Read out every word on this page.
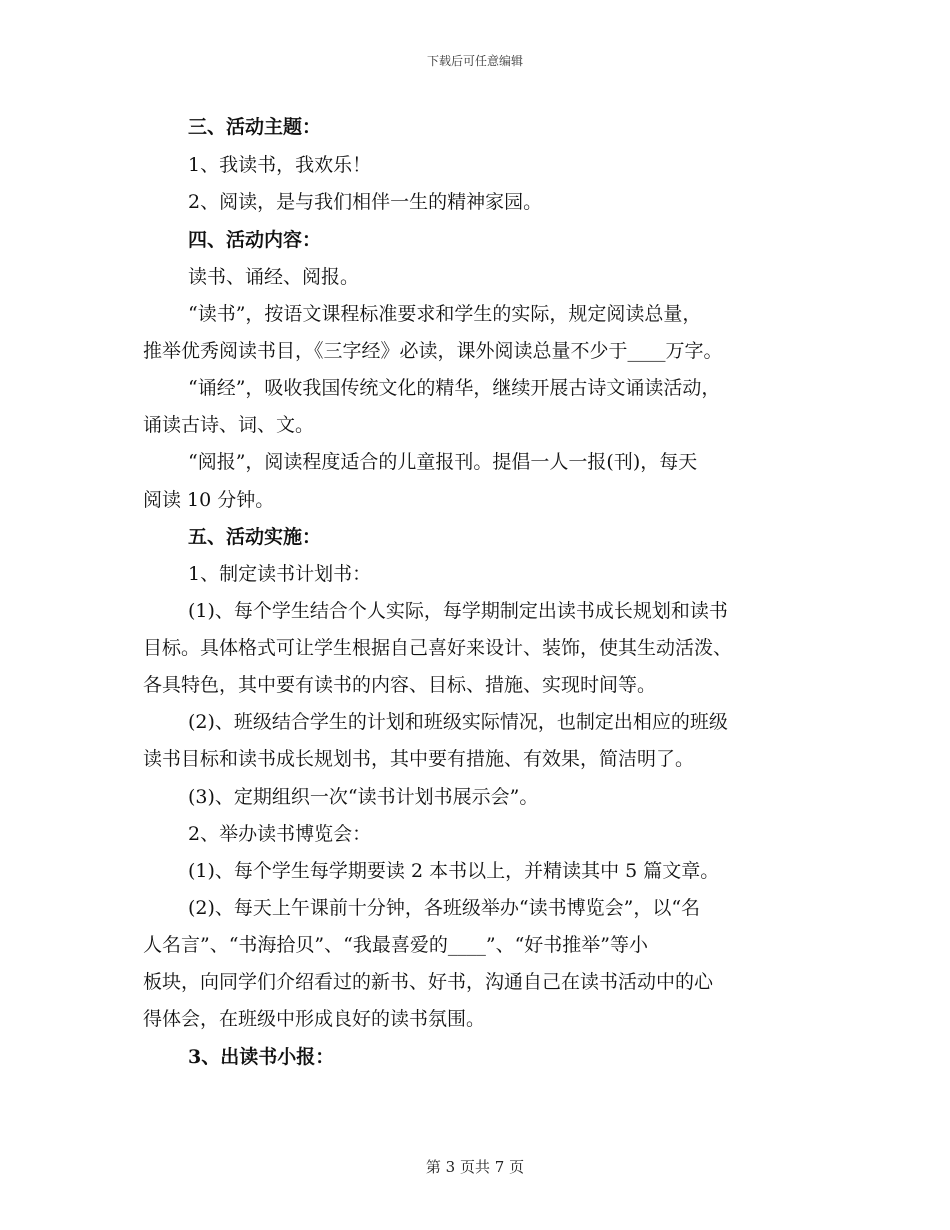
下载后可任意编辑
三、活动主题：
1、我读书，我欢乐！
2、阅读，是与我们相伴一生的精神家园。
四、活动内容：
读书、诵经、阅报。
“读书”，按语文课程标准要求和学生的实际，规定阅读总量，
推举优秀阅读书目，《三字经》必读，课外阅读总量不少于____万字。
“诵经”，吸收我国传统文化的精华，继续开展古诗文诵读活动，
诵读古诗、词、文。
“阅报”，阅读程度适合的儿童报刊。提倡一人一报(刊)，每天
阅读 10 分钟。
五、活动实施：
1、制定读书计划书：
(1)、每个学生结合个人实际，每学期制定出读书成长规划和读书
目标。具体格式可让学生根据自己喜好来设计、装饰，使其生动活泼、
各具特色，其中要有读书的内容、目标、措施、实现时间等。
(2)、班级结合学生的计划和班级实际情况，也制定出相应的班级
读书目标和读书成长规划书，其中要有措施、有效果，简洁明了。
(3)、定期组织一次“读书计划书展示会”。
2、举办读书博览会：
(1)、每个学生每学期要读 2 本书以上，并精读其中 5 篇文章。
(2)、每天上午课前十分钟，各班级举办“读书博览会”，以“名
人名言”、“书海拾贝”、“我最喜爱的____”、“好书推举”等小
板块，向同学们介绍看过的新书、好书，沟通自己在读书活动中的心
得体会，在班级中形成良好的读书氛围。
3、出读书小报：
第 3 页共 7 页
